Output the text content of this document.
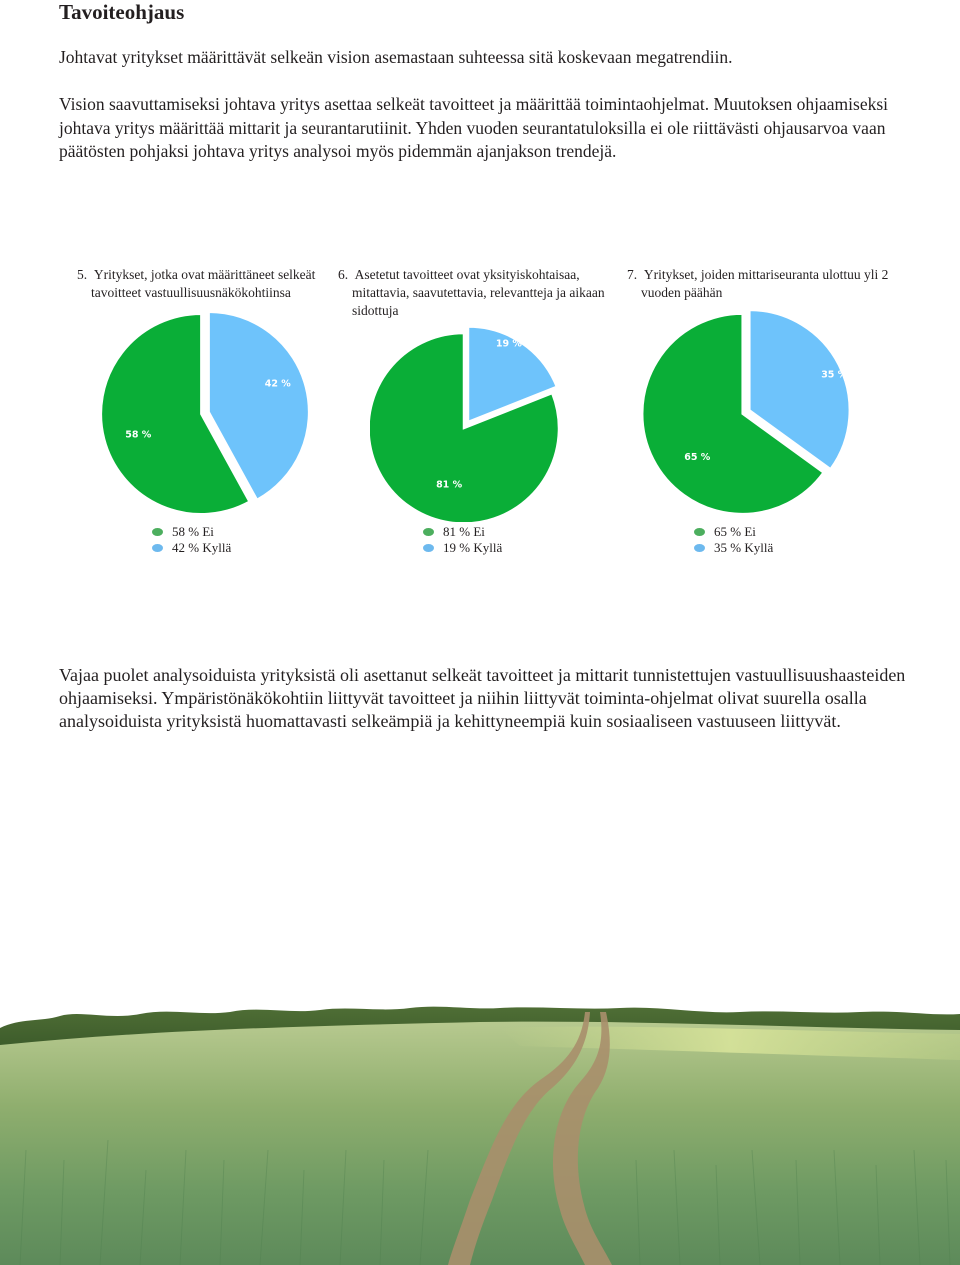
Tavoiteohjaus

Johtavat yritykset määrittävät selkeän vision asemastaan suhteessa sitä koskevaan megatrendiin.

Vision saavuttamiseksi johtava yritys asettaa selkeät tavoitteet ja määrittää toimintaohjelmat. Muutoksen ohjaamiseksi johtava yritys määrittää mittarit ja seurantarutiinit. Yhden vuoden seurantatuloksilla ei ole riittävästi ohjausarvoa vaan päätösten pohjaksi johtava yritys analysoi myös pidemmän ajanjakson trendejä.

5. Yritykset, jotka ovat määrittäneet selkeät tavoitteet vastuullisuusnäkökohtiinsa

42 %
58 %

6. Asetetut tavoitteet ovat yksityiskohtaisaa, mitattavia, saavutettavia, relevantteja ja aikaan sidottuja

19 %
81 %

7. Yritykset, joiden mittariseuranta ulottuu yli 2 vuoden päähän

35 %
65 %
58 % Ei
42 % Kyllä
81 % Ei
19 % Kyllä
65 % Ei
35 % Kyllä

Vajaa puolet analysoiduista yrityksistä oli asettanut selkeät tavoitteet ja mittarit tunnistettujen vastuullisuushaasteiden ohjaamiseksi. Ympäristönäkökohtiin liittyvät tavoitteet ja niihin liittyvät toiminta-ohjelmat olivat suurella osalla analysoiduista yrityksistä huomattavasti selkeämpiä ja kehittyneempiä kuin sosiaaliseen vastuuseen liittyvät.
